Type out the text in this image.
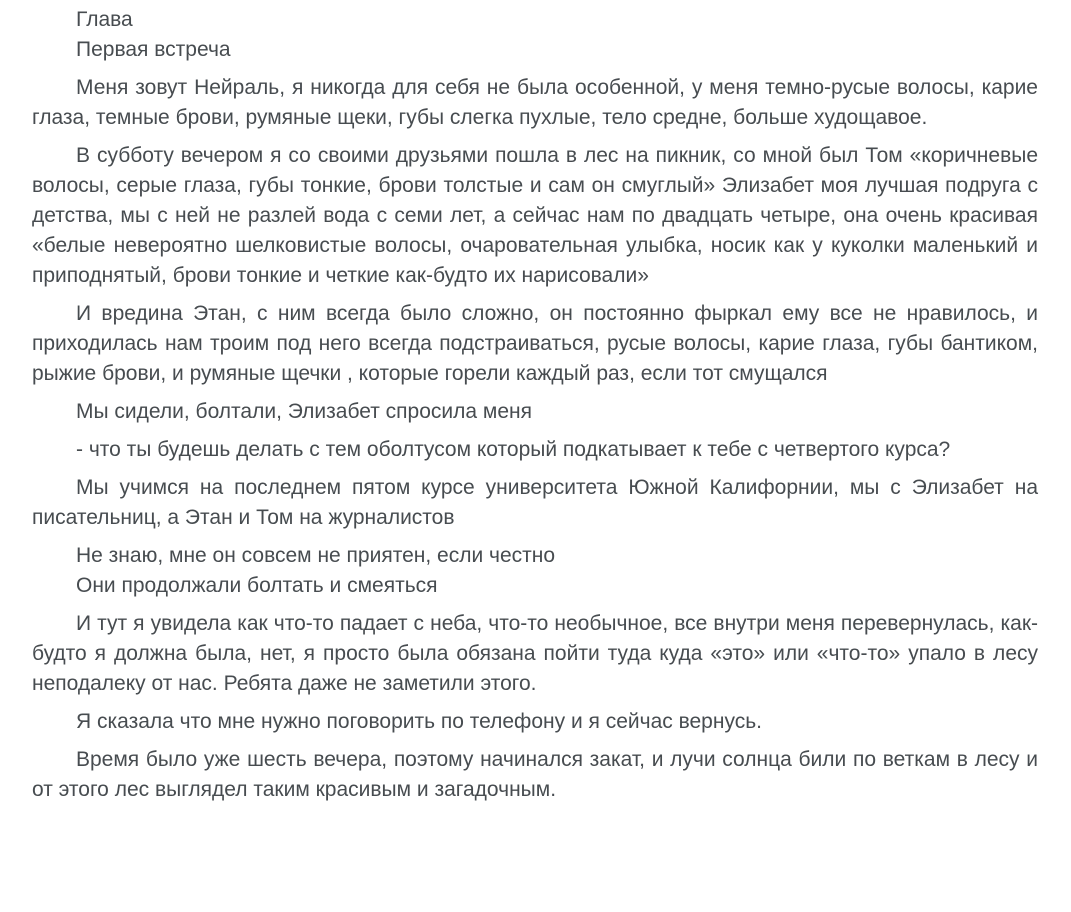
Глава

Первая встреча

Меня зовут Нейраль, я никогда для себя не была особенной, у меня темно-русые волосы, карие глаза, темные брови, румяные щеки, губы слегка пухлые, тело средне, больше худощавое.

В субботу вечером я со своими друзьями пошла в лес на пикник, со мной был Том «коричневые волосы, серые глаза, губы тонкие, брови толстые и сам он смуглый» Элизабет моя лучшая подруга с детства, мы с ней не разлей вода с семи лет, а сейчас нам по двадцать четыре, она очень красивая «белые невероятно шелковистые волосы, очаровательная улыбка, носик как у куколки маленький и приподнятый, брови тонкие и четкие как-будто их нарисовали»

И вредина Этан, с ним всегда было сложно, он постоянно фыркал ему все не нравилось, и приходилась нам троим под него всегда подстраиваться, русые волосы, карие глаза, губы бантиком, рыжие брови, и румяные щечки , которые горели каждый раз, если тот смущался

Мы сидели, болтали, Элизабет спросила меня

- что ты будешь делать с тем оболтусом который подкатывает к тебе с четвертого курса?

Мы учимся на последнем пятом курсе университета Южной Калифорнии, мы с Элизабет на писательниц, а Этан и Том на журналистов

Не знаю, мне он совсем не приятен, если честно

Они продолжали болтать и смеяться

И тут я увидела как что-то падает с неба, что-то необычное, все внутри меня перевернулась, как-будто я должна была, нет, я просто была обязана пойти туда куда «это» или «что-то» упало в лесу неподалеку от нас. Ребята даже не заметили этого.

Я сказала что мне нужно поговорить по телефону и я сейчас вернусь.

Время было уже шесть вечера, поэтому начинался закат, и лучи солнца били по веткам в лесу и от этого лес выглядел таким красивым и загадочным.
